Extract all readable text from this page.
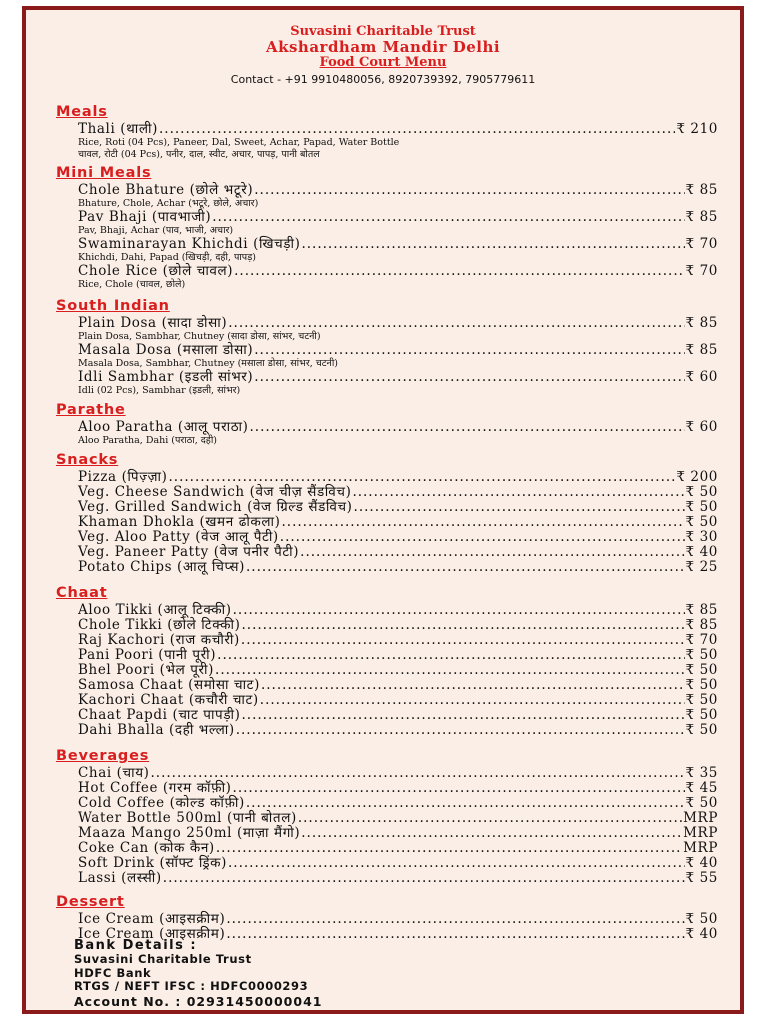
Suvasini Charitable Trust
Akshardham Mandir Delhi
Food Court Menu
Contact - +91 9910480056, 8920739392, 7905779611
Meals
Thali (थाली) .....	₹ 210
Rice, Roti (04 Pcs), Paneer, Dal, Sweet, Achar, Papad, Water Bottle
चावल, रोटी (04 Pcs), पनीर, दाल, स्वीट, अचार, पापड़, पानी बोतल
Mini Meals
Chole Bhature (छोले भटूरे) .....	₹ 85
Bhature, Chole, Achar (भटूरे, छोले, अचार)
Pav Bhaji (पावभाजी) .....	₹ 85
Pav, Bhaji, Achar (पाव, भाजी, अचार)
Swaminarayan Khichdi (खिचड़ी) .....	₹ 70
Khichdi, Dahi, Papad (खिचड़ी, दही, पापड़)
Chole Rice (छोले चावल) .....	₹ 70
Rice, Chole (चावल, छोले)
South Indian
Plain Dosa (सादा डोसा) .....	₹ 85
Plain Dosa, Sambhar, Chutney (सादा डोसा, सांभर, चटनी)
Masala Dosa (मसाला डोसा) .....	₹ 85
Masala Dosa, Sambhar, Chutney (मसाला डोसा, सांभर, चटनी)
Idli Sambhar (इडली सांभर) .....	₹ 60
Idli (02 Pcs), Sambhar (इडली, सांभर)
Parathe
Aloo Paratha (आलू पराठा) .....	₹ 60
Aloo Paratha, Dahi (पराठा, दही)
Snacks
Pizza (पिज़्ज़ा) .....	₹ 200
Veg. Cheese Sandwich (वेज चीज़ सैंडविच) .....	₹ 50
Veg. Grilled Sandwich (वेज ग्रिल्ड सैंडविच) .....	₹ 50
Khaman Dhokla (खमन ढोकला) .....	₹ 50
Veg. Aloo Patty (वेज आलू पैटी) .....	₹ 30
Veg. Paneer Patty (वेज पनीर पैटी) .....	₹ 40
Potato Chips (आलू चिप्स) .....	₹ 25
Chaat
Aloo Tikki (आलू टिक्की) .....	₹ 85
Chole Tikki (छोले टिक्की) .....	₹ 85
Raj Kachori (राज कचौरी) .....	₹ 70
Pani Poori (पानी पूरी) .....	₹ 50
Bhel Poori (भेल पूरी) .....	₹ 50
Samosa Chaat (समोसा चाट) .....	₹ 50
Kachori Chaat (कचौरी चाट) .....	₹ 50
Chaat Papdi (चाट पापड़ी) .....	₹ 50
Dahi Bhalla (दही भल्ला) .....	₹ 50
Beverages
Chai (चाय) .....	₹ 35
Hot Coffee (गरम कॉफ़ी) .....	₹ 45
Cold Coffee (कोल्ड कॉफ़ी) .....	₹ 50
Water Bottle 500ml (पानी बोतल) .....	MRP
Maaza Mango 250ml (माज़ा मैंगो) .....	MRP
Coke Can (कोक कैन) .....	MRP
Soft Drink (सॉफ्ट ड्रिंक) .....	₹ 40
Lassi (लस्सी) .....	₹ 55
Dessert
Ice Cream (आइसक्रीम) .....	₹ 50
Ice Cream (आइसक्रीम) .....	₹ 40
Bank Details :
Suvasini Charitable Trust
HDFC Bank
RTGS / NEFT IFSC : HDFC0000293
Account No. : 02931450000041
